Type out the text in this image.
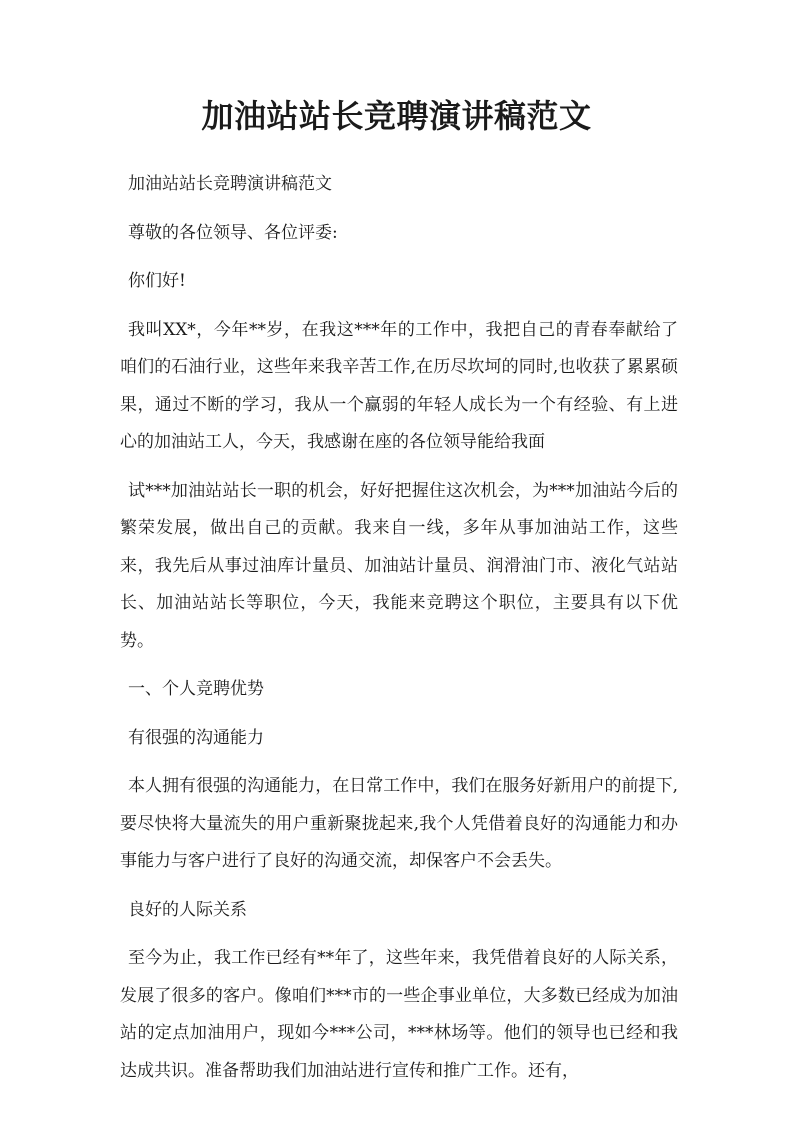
加油站站长竞聘演讲稿范文

加油站站长竞聘演讲稿范文

尊敬的各位领导、各位评委:

你们好!

我叫XX*，今年**岁，在我这***年的工作中，我把自己的青春奉献给了咱们的石油行业，这些年来我辛苦工作,在历尽坎坷的同时,也收获了累累硕果，通过不断的学习，我从一个赢弱的年轻人成长为一个有经验、有上进心的加油站工人，今天，我感谢在座的各位领导能给我面

试***加油站站长一职的机会，好好把握住这次机会，为***加油站今后的繁荣发展，做出自己的贡献。我来自一线，多年从事加油站工作，这些来，我先后从事过油库计量员、加油站计量员、润滑油门市、液化气站站长、加油站站长等职位，今天，我能来竞聘这个职位，主要具有以下优势。

一、个人竞聘优势

有很强的沟通能力

本人拥有很强的沟通能力，在日常工作中，我们在服务好新用户的前提下,要尽快将大量流失的用户重新聚拢起来,我个人凭借着良好的沟通能力和办事能力与客户进行了良好的沟通交流，却保客户不会丢失。

良好的人际关系

至今为止，我工作已经有**年了，这些年来，我凭借着良好的人际关系，发展了很多的客户。像咱们***市的一些企事业单位，大多数已经成为加油站的定点加油用户，现如今***公司，***林场等。他们的领导也已经和我达成共识。准备帮助我们加油站进行宣传和推广工作。还有，
